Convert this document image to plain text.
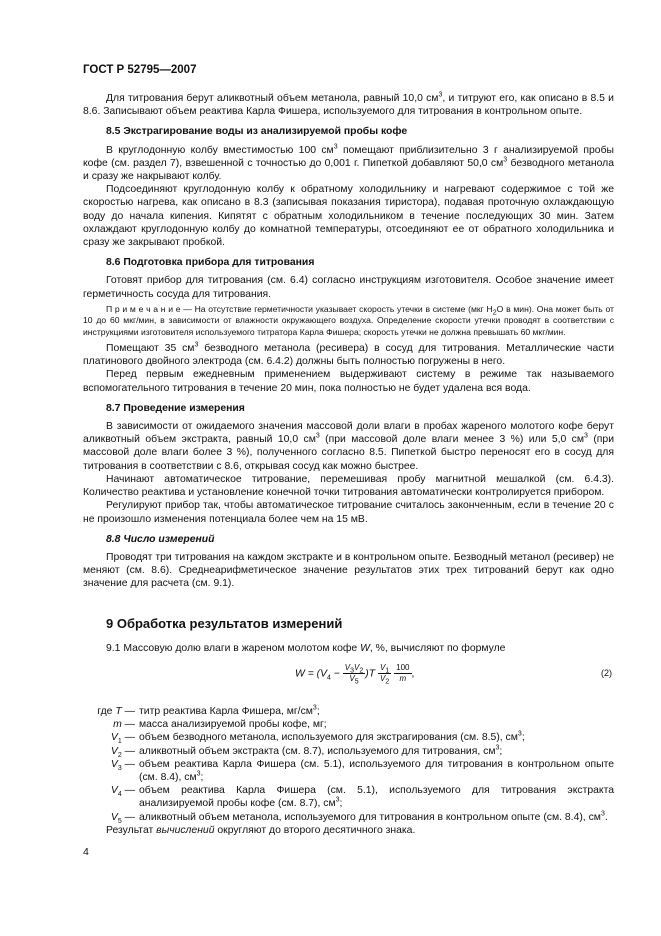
ГОСТ Р 52795—2007

Для титрования берут аликвотный объем метанола, равный 10,0 $см^3$, и титруют его, как описано в 8.5 и 8.6. Записывают объем реактива Карла Фишера, используемого для титрования в контрольном опыте.

8.5 Экстрагирование воды из анализируемой пробы кофе

В круглодонную колбу вместимостью 100 $см^3$ помещают приблизительно 3 г анализируемой пробы кофе (см. раздел 7), взвешенной с точностью до 0,001 г. Пипеткой добавляют 50,0 $см^3$ безводного метанола и сразу же накрывают колбу.

Подсоединяют круглодонную колбу к обратному холодильнику и нагревают содержимое с той же скоростью нагрева, как описано в 8.3 (записывая показания тиристора), подавая проточную охлаждающую воду до начала кипения. Кипятят с обратным холодильником в течение последующих 30 мин. Затем охлаждают круглодонную колбу до комнатной температуры, отсоединяют ее от обратного холодильника и сразу же закрывают пробкой.

8.6 Подготовка прибора для титрования

Готовят прибор для титрования (см. 6.4) согласно инструкциям изготовителя. Особое значение имеет герметичность сосуда для титрования.

П р и м е ч а н и е — На отсутствие герметичности указывает скорость утечки в системе (мкг $H_2O$ в мин). Она может быть от 10 до 60 мкг/мин, в зависимости от влажности окружающего воздуха. Определение скорости утечки проводят в соответствии с инструкциями изготовителя используемого титратора Карла Фишера; скорость утечки не должна превышать 60 мкг/мин.

Помещают 35 $см^3$ безводного метанола (ресивера) в сосуд для титрования. Металлические части платинового двойного электрода (см. 6.4.2) должны быть полностью погружены в него.

Перед первым ежедневным применением выдерживают систему в режиме так называемого вспомогательного титрования в течение 20 мин, пока полностью не будет удалена вся вода.

8.7 Проведение измерения

В зависимости от ожидаемого значения массовой доли влаги в пробах жареного молотого кофе берут аликвотный объем экстракта, равный 10,0 $см^3$ (при массовой доле влаги менее 3 %) или 5,0 $см^3$ (при массовой доле влаги более 3 %), полученного согласно 8.5. Пипеткой быстро переносят его в сосуд для титрования в соответствии с 8.6, открывая сосуд как можно быстрее.

Начинают автоматическое титрование, перемешивая пробу магнитной мешалкой (см. 6.4.3). Количество реактива и установление конечной точки титрования автоматически контролируется прибором.

Регулируют прибор так, чтобы автоматическое титрование считалось законченным, если в течение 20 с не произошло изменения потенциала более чем на 15 мВ.

8.8 Число измерений

Проводят три титрования на каждом экстракте и в контрольном опыте. Безводный метанол (ресивер) не меняют (см. 8.6). Среднеарифметическое значение результатов этих трех титрований берут как одно значение для расчета (см. 9.1).

9 Обработка результатов измерений

9.1 Массовую долю влаги в жареном молотом кофе W, %, вычисляют по формуле

$W = (V_4 - \frac{V_3V_2}{V_5} )T \frac{V_1}{V_2}$
$\frac{100}{m}$ ,	(2)
где T — титр реактива Карла Фишера, $мг/см^3$;
m — масса анализируемой пробы кофе, мг;
$V_1$ — объем безводного метанола, используемого для экстрагирования (см. 8.5), $см^3$;
$V_2$ — аликвотный объем экстракта (см. 8.7), используемого для титрования, $см^3$;
$V_3$ — объем реактива Карла Фишера (см. 5.1), используемого для титрования в контрольном опыте (см. 8.4), $см^3$;
$V_4$ — объем реактива Карла Фишера (см. 5.1), используемого для титрования экстракта анализируемой пробы кофе (см. 8.7), $см^3$;
$V_5$ — аликвотный объем метанола, используемого для титрования в контрольном опыте (см. 8.4), $см^3$.

Результат вычислений округляют до второго десятичного знака.

4
